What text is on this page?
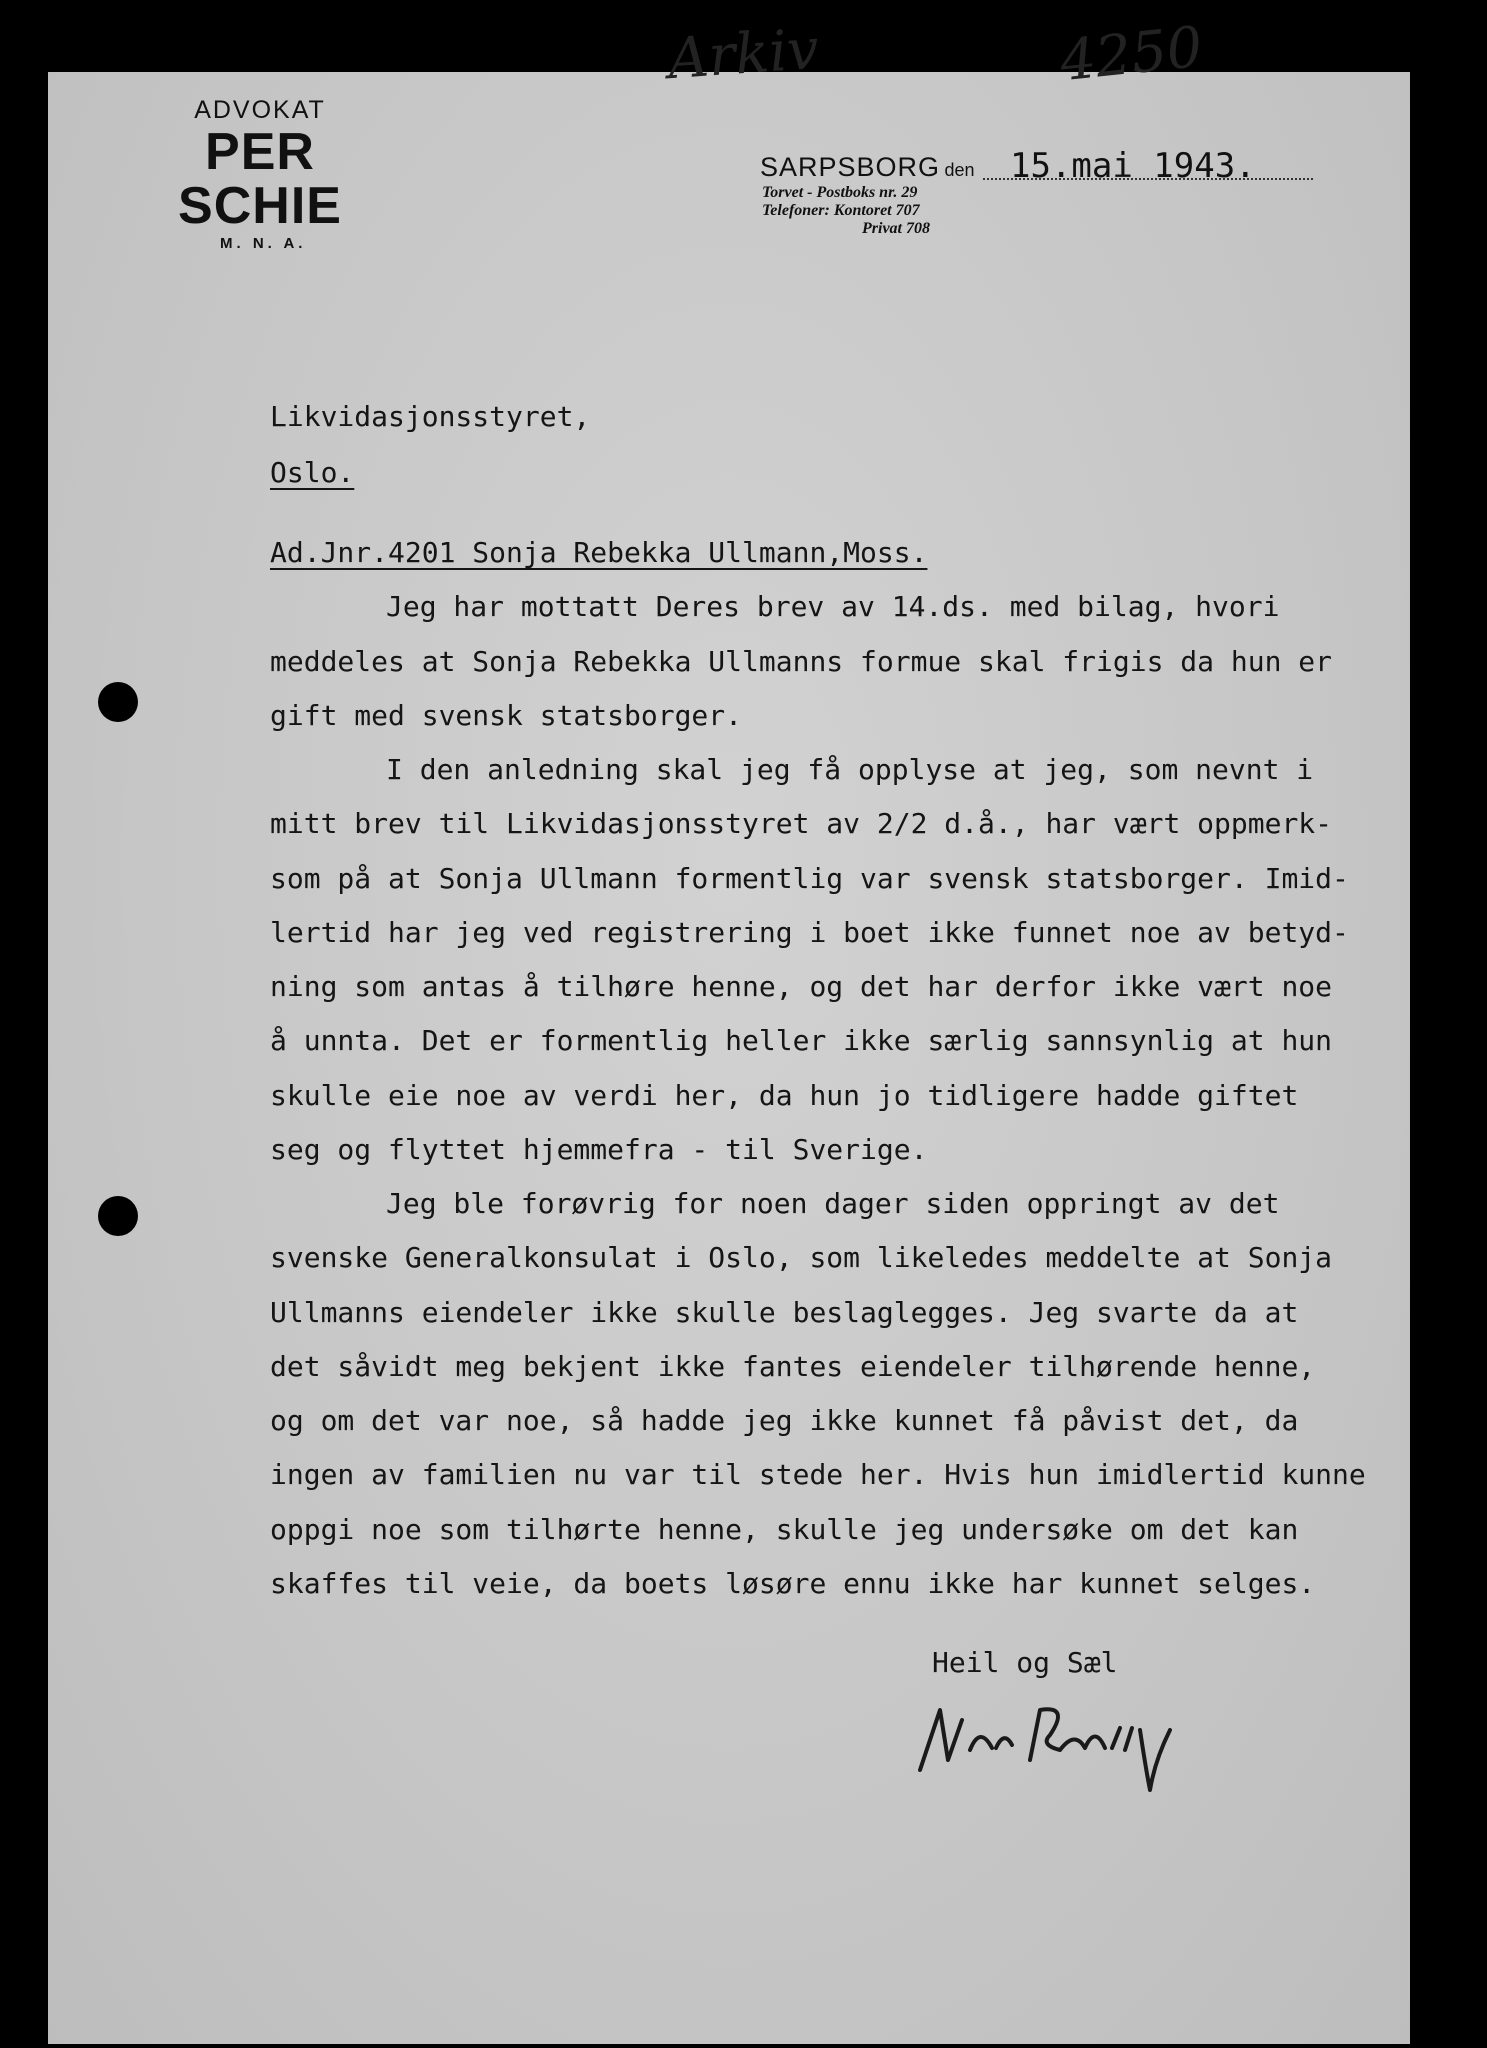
Arkiv	4250
ADVOKAT
PER SCHIE
M. N. A.
SARPSBORG den 15.mai 1943.
Torvet - Postboks nr. 29
Telefoner: Kontoret 707
Privat 708
Likvidasjonsstyret,
Oslo.
Ad.Jnr.4201 Sonja Rebekka Ullmann,Moss.
Jeg har mottatt Deres brev av 14.ds. med bilag, hvori
meddeles at Sonja Rebekka Ullmanns formue skal frigis da hun er
gift med svensk statsborger.
I den anledning skal jeg få opplyse at jeg, som nevnt i
mitt brev til Likvidasjonsstyret av 2/2 d.å., har vært oppmerk-
som på at Sonja Ullmann formentlig var svensk statsborger. Imid-
lertid har jeg ved registrering i boet ikke funnet noe av betyd-
ning som antas å tilhøre henne, og det har derfor ikke vært noe
å unnta. Det er formentlig heller ikke særlig sannsynlig at hun
skulle eie noe av verdi her, da hun jo tidligere hadde giftet
seg og flyttet hjemmefra - til Sverige.
Jeg ble forøvrig for noen dager siden oppringt av det
svenske Generalkonsulat i Oslo, som likeledes meddelte at Sonja
Ullmanns eiendeler ikke skulle beslaglegges. Jeg svarte da at
det såvidt meg bekjent ikke fantes eiendeler tilhørende henne,
og om det var noe, så hadde jeg ikke kunnet få påvist det, da
ingen av familien nu var til stede her. Hvis hun imidlertid kunne
oppgi noe som tilhørte henne, skulle jeg undersøke om det kan
skaffes til veie, da boets løsøre ennu ikke har kunnet selges.
Heil og Sæl
